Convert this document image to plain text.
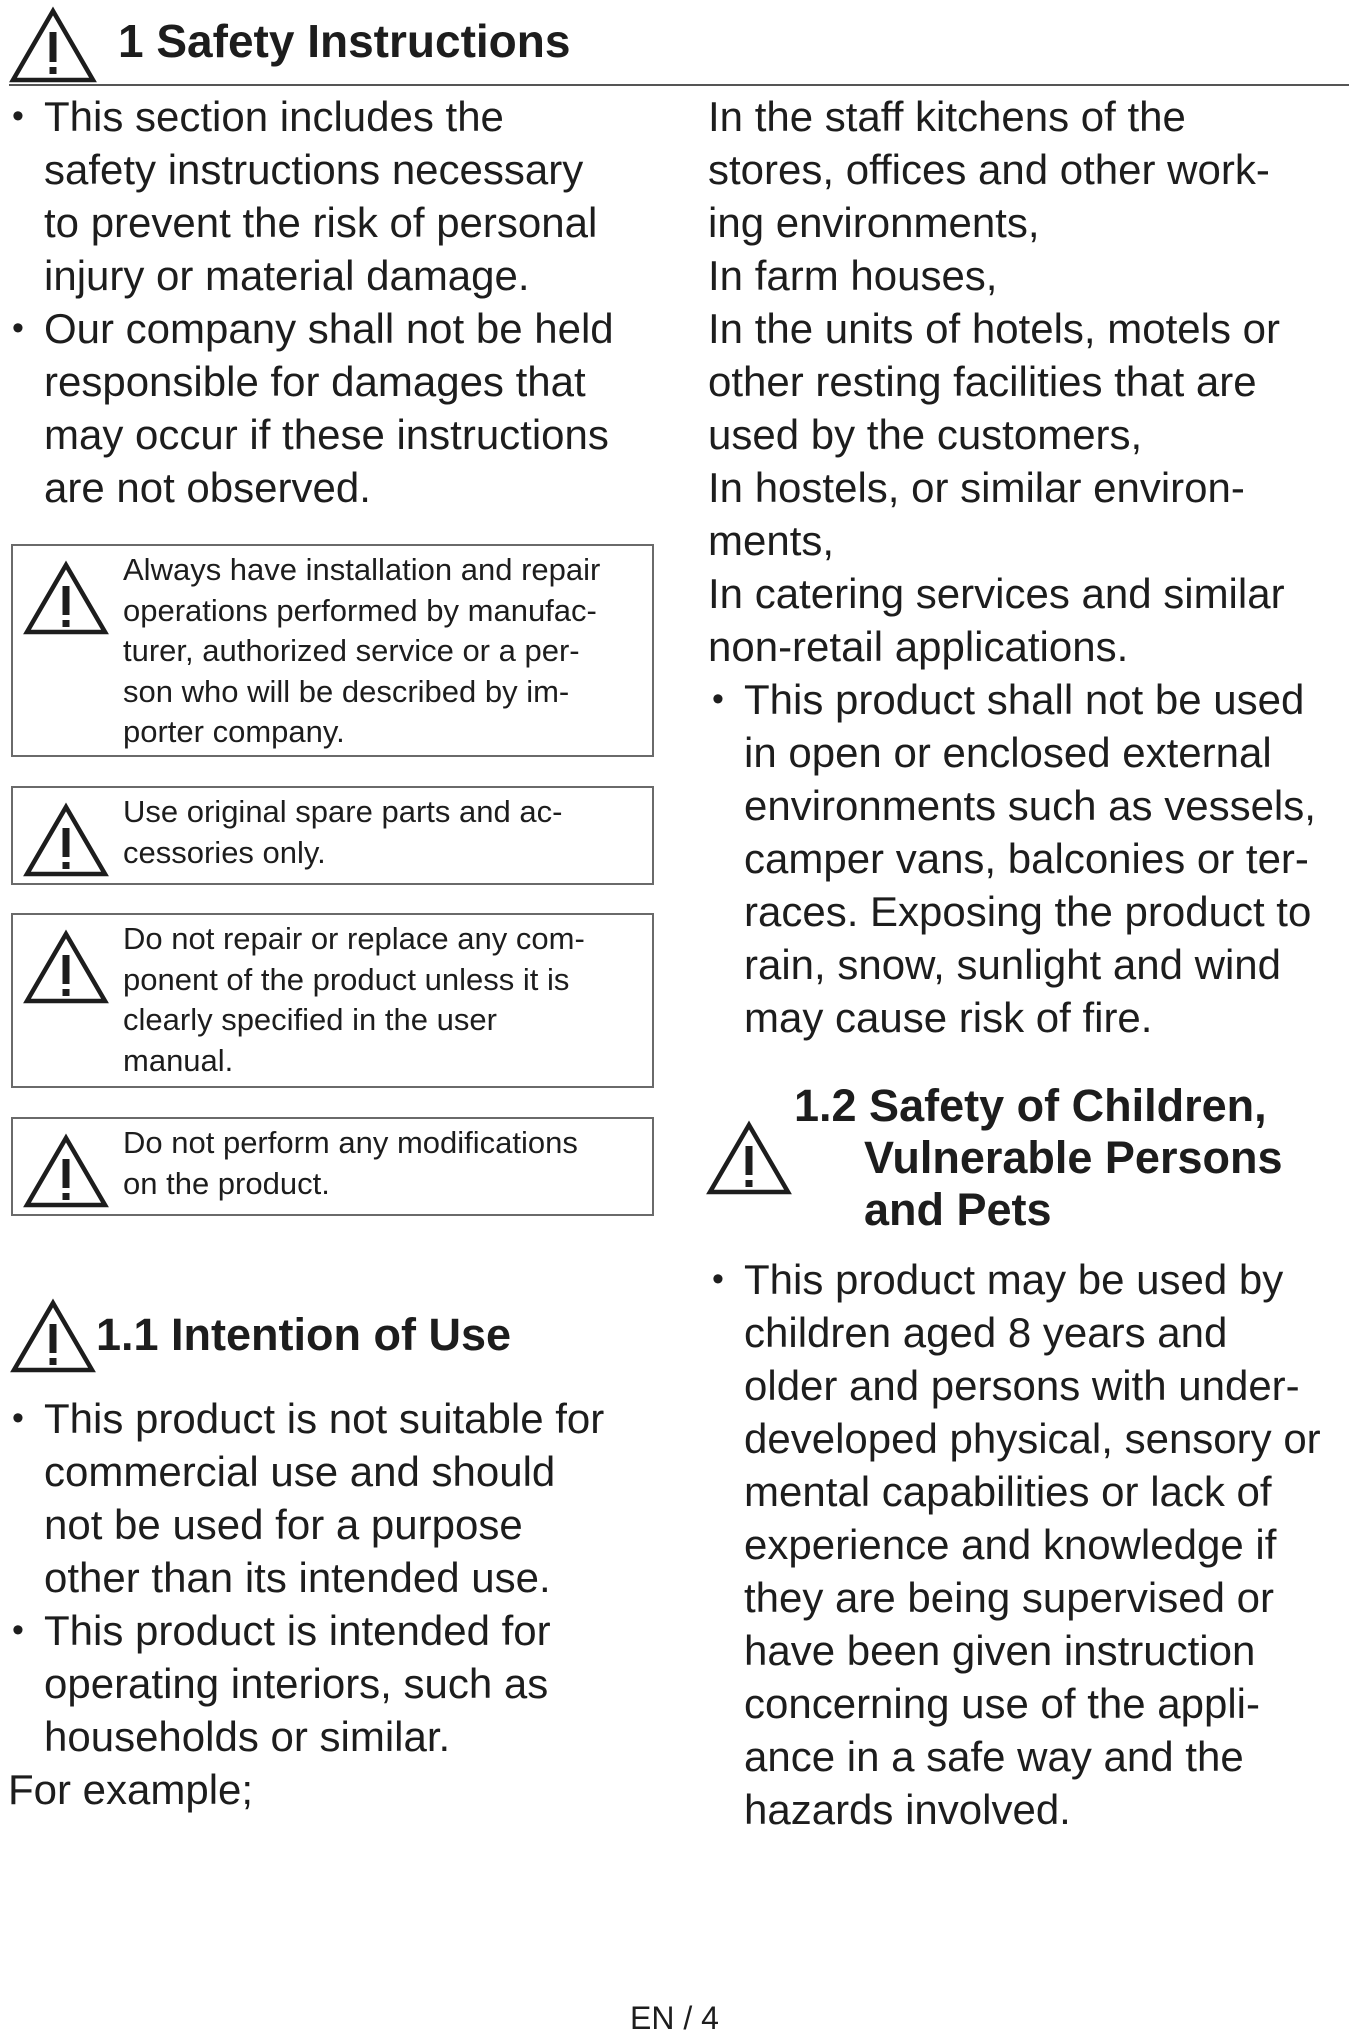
1 Safety Instructions

• This section includes the
safety instructions necessary
to prevent the risk of personal
injury or material damage.

• Our company shall not be held
responsible for damages that
may occur if these instructions
are not observed.

Always have installation and repair
operations performed by manufac-
turer, authorized service or a per-
son who will be described by im-
porter company.
Use original spare parts and ac-
cessories only.
Do not repair or replace any com-
ponent of the product unless it is
clearly specified in the user
manual.
Do not perform any modifications
on the product.
1.1 Intention of Use

• This product is not suitable for
commercial use and should
not be used for a purpose
other than its intended use.

• This product is intended for
operating interiors, such as
households or similar.

For example;

In the staff kitchens of the
stores, offices and other work-
ing environments,

In farm houses,

In the units of hotels, motels or
other resting facilities that are
used by the customers,

In hostels, or similar environ-
ments,

In catering services and similar
non-retail applications.

• This product shall not be used
in open or enclosed external
environments such as vessels,
camper vans, balconies or ter-
races. Exposing the product to
rain, snow, sunlight and wind
may cause risk of fire.

1.2 Safety of Children,
Vulnerable Persons
and Pets

• This product may be used by
children aged 8 years and
older and persons with under-
developed physical, sensory or
mental capabilities or lack of
experience and knowledge if
they are being supervised or
have been given instruction
concerning use of the appli-
ance in a safe way and the
hazards involved.

EN / 4
